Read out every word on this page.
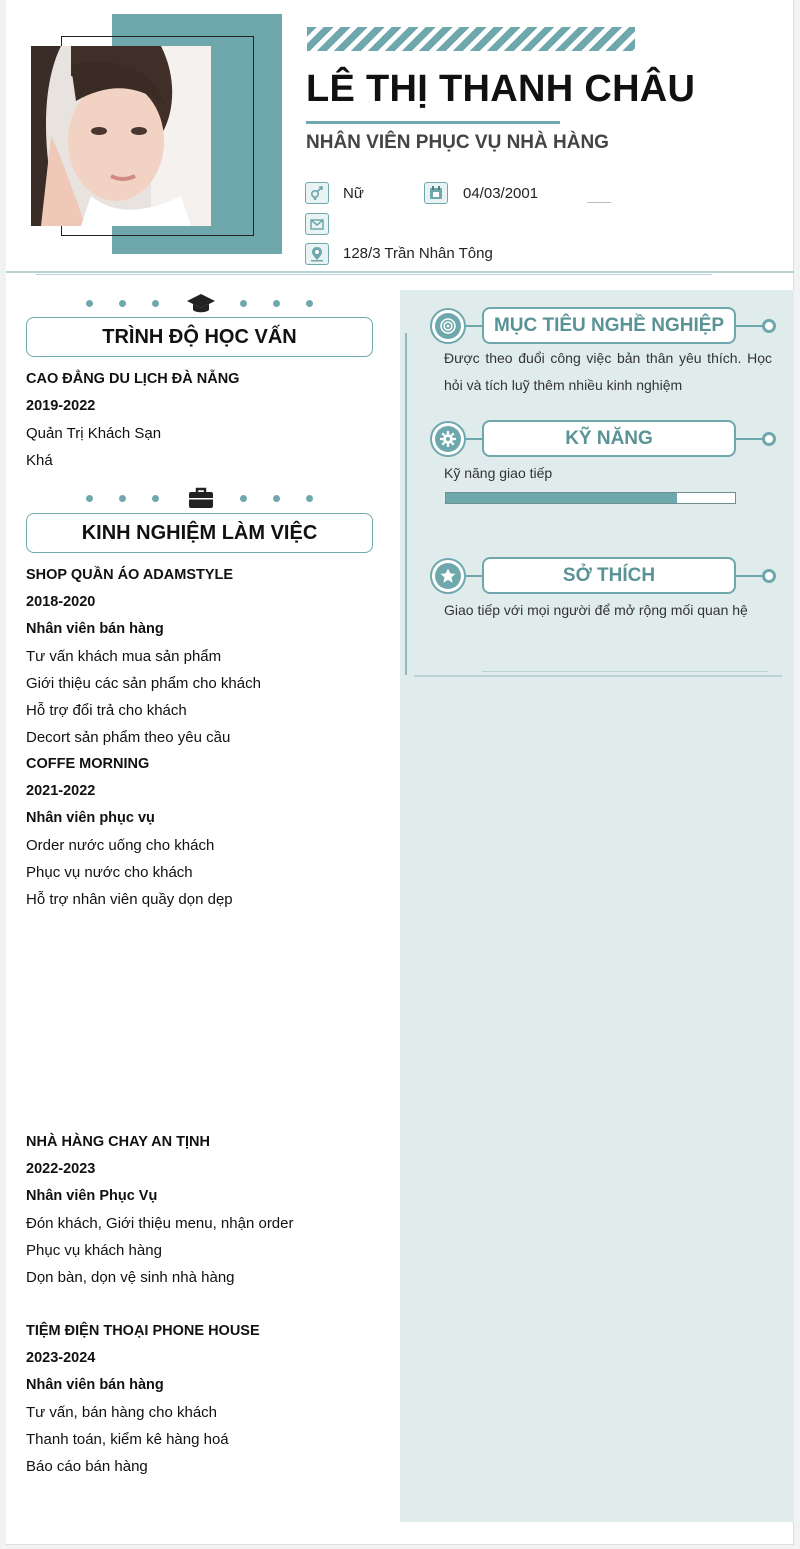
LÊ THỊ THANH CHÂU
NHÂN VIÊN PHỤC VỤ NHÀ HÀNG
Nữ	04/03/2001
128/3 Trần Nhân Tông
TRÌNH ĐỘ HỌC VẤN
CAO ĐẲNG DU LỊCH ĐÀ NẴNG
2019-2022
Quản Trị Khách Sạn
Khá
KINH NGHIỆM LÀM VIỆC
SHOP QUẦN ÁO ADAMSTYLE
2018-2020
Nhân viên bán hàng
Tư vấn khách mua sản phẩm
Giới thiệu các sản phẩm cho khách
Hỗ trợ đổi trả cho khách
Decort sản phẩm theo yêu cầu
COFFE MORNING
2021-2022
Nhân viên phục vụ
Order nước uống cho khách
Phục vụ nước cho khách
Hỗ trợ nhân viên quầy dọn dẹp
NHÀ HÀNG CHAY AN TỊNH
2022-2023
Nhân viên Phục Vụ
Đón khách, Giới thiệu menu, nhận order
Phục vụ khách hàng
Dọn bàn, dọn vệ sinh nhà hàng
TIỆM ĐIỆN THOẠI PHONE HOUSE
2023-2024
Nhân viên bán hàng
Tư vấn, bán hàng cho khách
Thanh toán, kiểm kê hàng hoá
Báo cáo bán hàng
MỤC TIÊU NGHỀ NGHIỆP
Được theo đuổi công việc bản thân yêu thích. Học hỏi và tích luỹ thêm nhiều kinh nghiệm
KỸ NĂNG
Kỹ năng giao tiếp
SỞ THÍCH
Giao tiếp với mọi người để mở rộng mối quan hệ
